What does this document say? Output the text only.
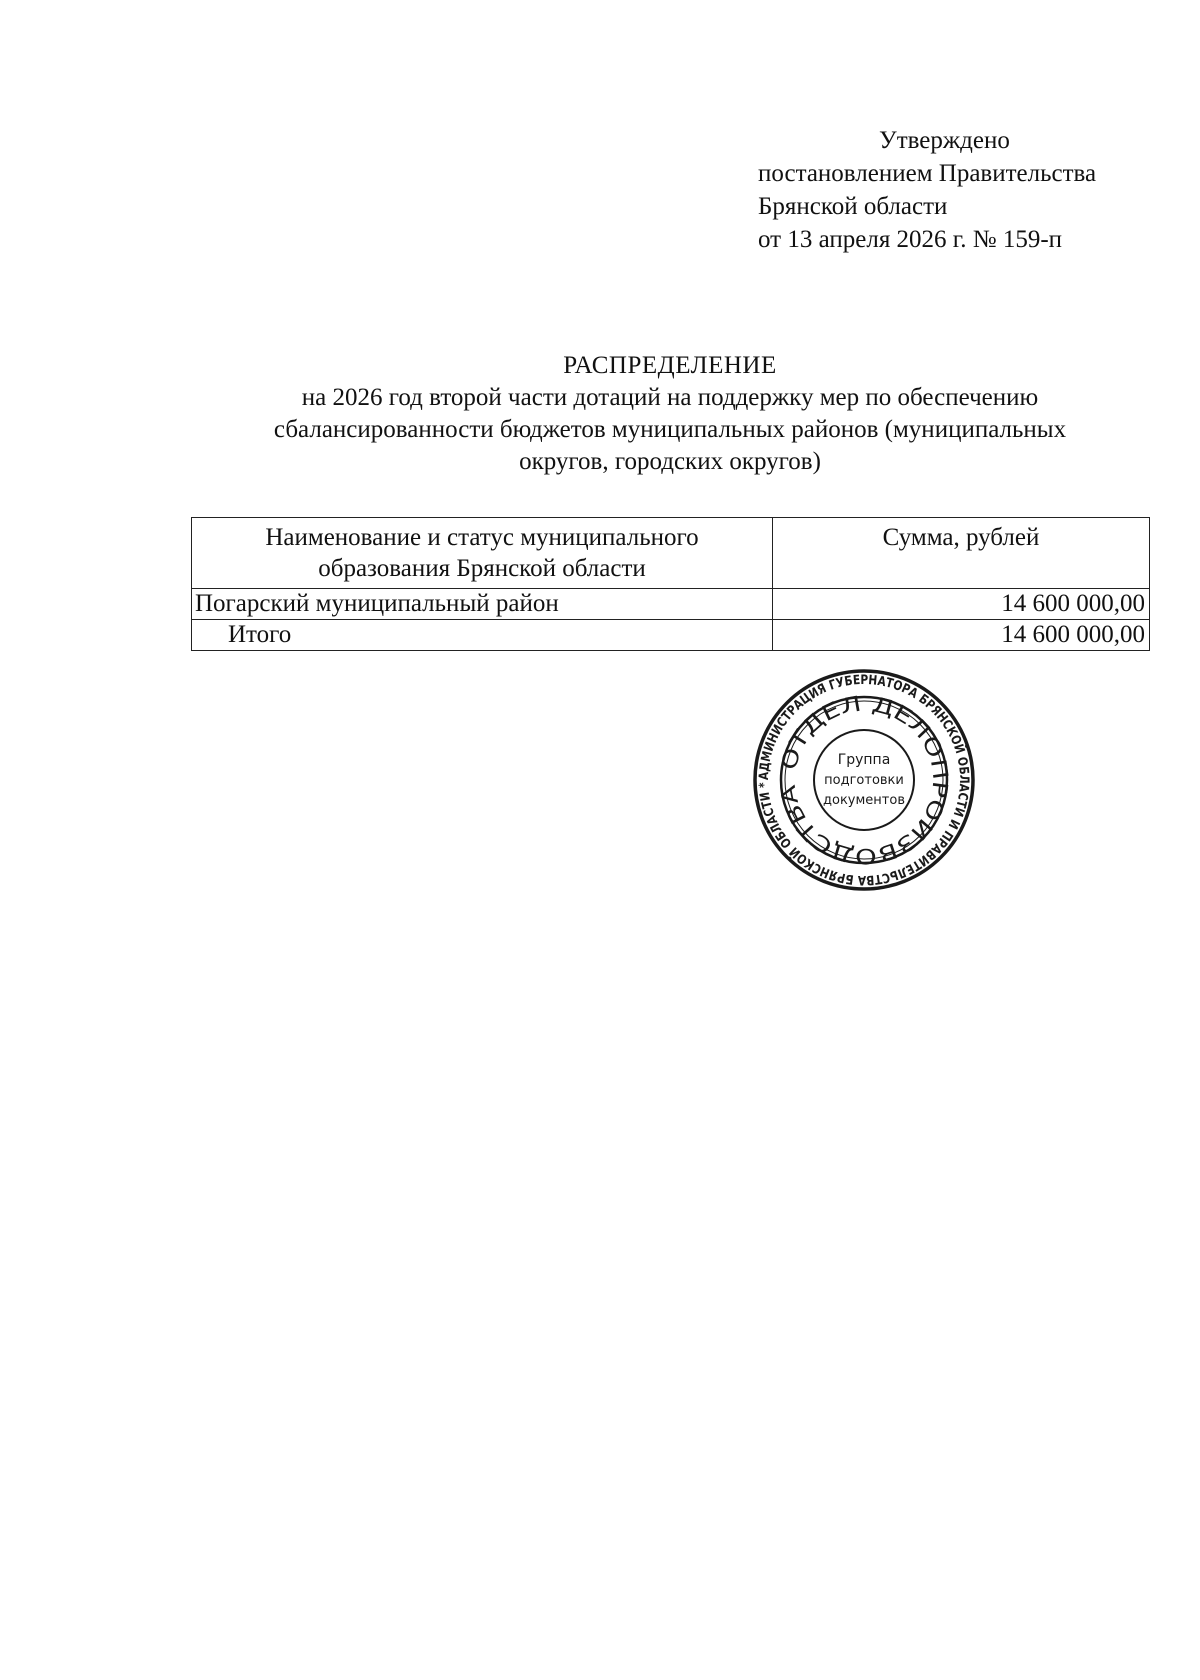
Утверждено
постановлением Правительства
Брянской области
от 13 апреля 2026 г. № 159-п
РАСПРЕДЕЛЕНИЕ
на 2026 год второй части дотаций на поддержку мер по обеспечению
сбалансированности бюджетов муниципальных районов (муниципальных
округов, городских округов)
Наименование и статус муниципального
образования Брянской области	Сумма, рублей
Погарский муниципальный район	14 600 000,00
Итого	14 600 000,00
АДМИНИСТРАЦИЯ ГУБЕРНАТОРА БРЯНСКОЙ ОБЛАСТИ И ПРАВИТЕЛЬСТВА БРЯНСКОЙ ОБЛАСТИ *
ОТДЕЛ ДЕЛОПРОИЗВОДСТВА
Группа
подготовки
документов
